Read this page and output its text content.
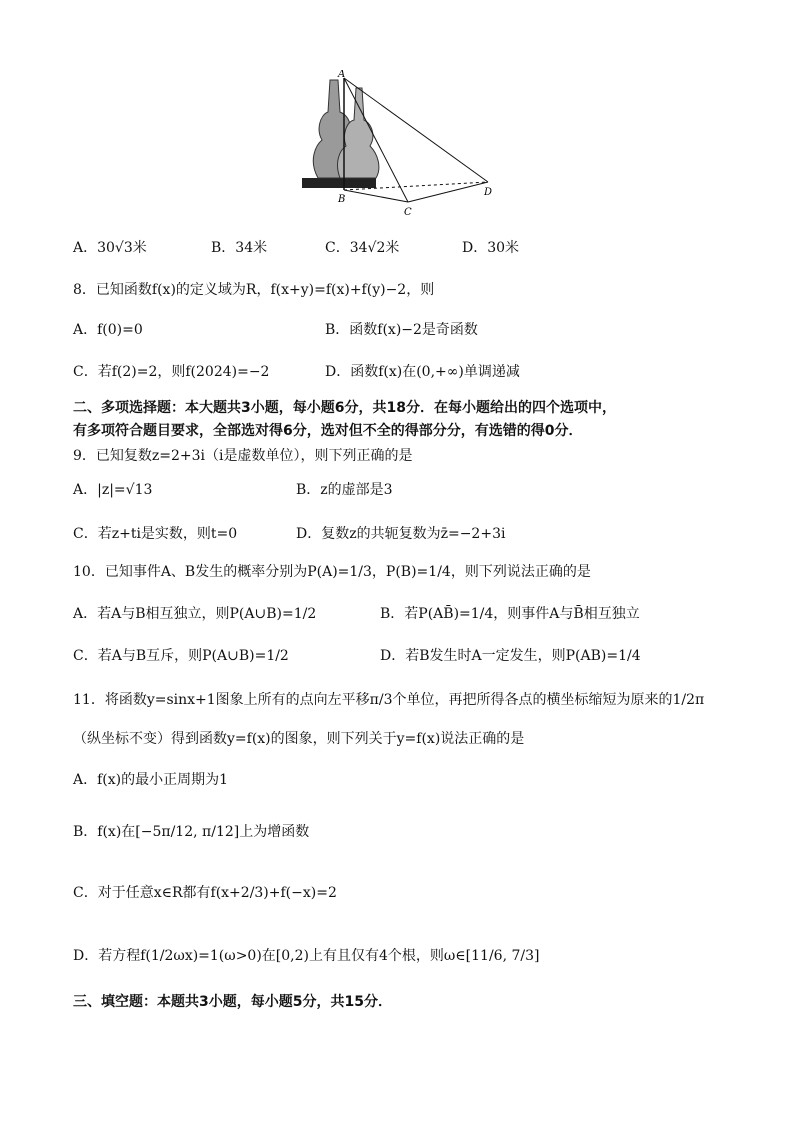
A
B
C
D
A．30√3米	B．34米	C．34√2米	D．30米
8．已知函数f(x)的定义域为R，f(x+y)=f(x)+f(y)−2，则
A．f(0)=0	B．函数f(x)−2是奇函数
C．若f(2)=2，则f(2024)=−2	D．函数f(x)在(0,+∞)单调递减
二、多项选择题：本大题共3小题，每小题6分，共18分．在每小题给出的四个选项中，
有多项符合题目要求，全部选对得6分，选对但不全的得部分分，有选错的得0分．
9．已知复数z=2+3i（i是虚数单位），则下列正确的是
A．|z|=√13	B．z的虚部是3
C．若z+ti是实数，则t=0	D．复数z的共轭复数为z̄=−2+3i
10．已知事件A、B发生的概率分别为P(A)=1/3，P(B)=1/4，则下列说法正确的是
A．若A与B相互独立，则P(A∪B)=1/2	B．若P(AB̄)=1/4，则事件A与B̄相互独立
C．若A与B互斥，则P(A∪B)=1/2	D．若B发生时A一定发生，则P(AB)=1/4
11．将函数y=sinx+1图象上所有的点向左平移π/3个单位，再把所得各点的横坐标缩短为原来的1/2π
（纵坐标不变）得到函数y=f(x)的图象，则下列关于y=f(x)说法正确的是
A．f(x)的最小正周期为1
B．f(x)在[−5π/12, π/12]上为增函数
C．对于任意x∈R都有f(x+2/3)+f(−x)=2
D．若方程f(1/2ωx)=1(ω>0)在[0,2)上有且仅有4个根，则ω∈[11/6, 7/3]
三、填空题：本题共3小题，每小题5分，共15分．
